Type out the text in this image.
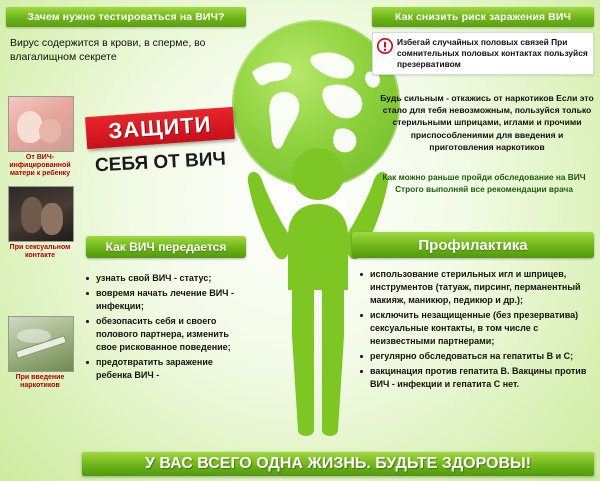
Зачем нужно тестироваться на ВИЧ?	Как снизить риск заражения ВИЧ
Вирус содержится в крови, в сперме, во влагалищном секрете
От ВИЧ-инфицированной матери к ребенку
При сексуальном контакте
При введение наркотиков
ЗАЩИТИ
СЕБЯ ОТ ВИЧ
Избегай случайных половых связей При сомнительных половых контактах пользуйся презервативом
Будь сильным - откажись от наркотиков Если это стало для тебя невозможным, пользуйся только стерильными шприцами, иглами и прочими приспособлениями для введения и приготовления наркотиков
Как можно раньше пройди обследование на ВИЧ Строго выполняй все рекомендации врача
Как ВИЧ передается
узнать свой ВИЧ - статус;
вовремя начать лечение ВИЧ - инфекции;
обезопасить себя и своего полового партнера, изменить свое рискованное поведение;
предотвратить заражение ребенка ВИЧ -
Профилактика
использование стерильных игл и шприцев, инструментов (татуаж, пирсинг, перманентный макияж, маникюр, педикюр и др.);
исключить незащищенные (без презерватива) сексуальные контакты, в том числе с неизвестными партнерами;
регулярно обследоваться на гепатиты В и С;
вакцинация против гепатита В. Вакцины против ВИЧ - инфекции и гепатита С нет.
У ВАС ВСЕГО ОДНА ЖИЗНЬ. БУДЬТЕ ЗДОРОВЫ!
